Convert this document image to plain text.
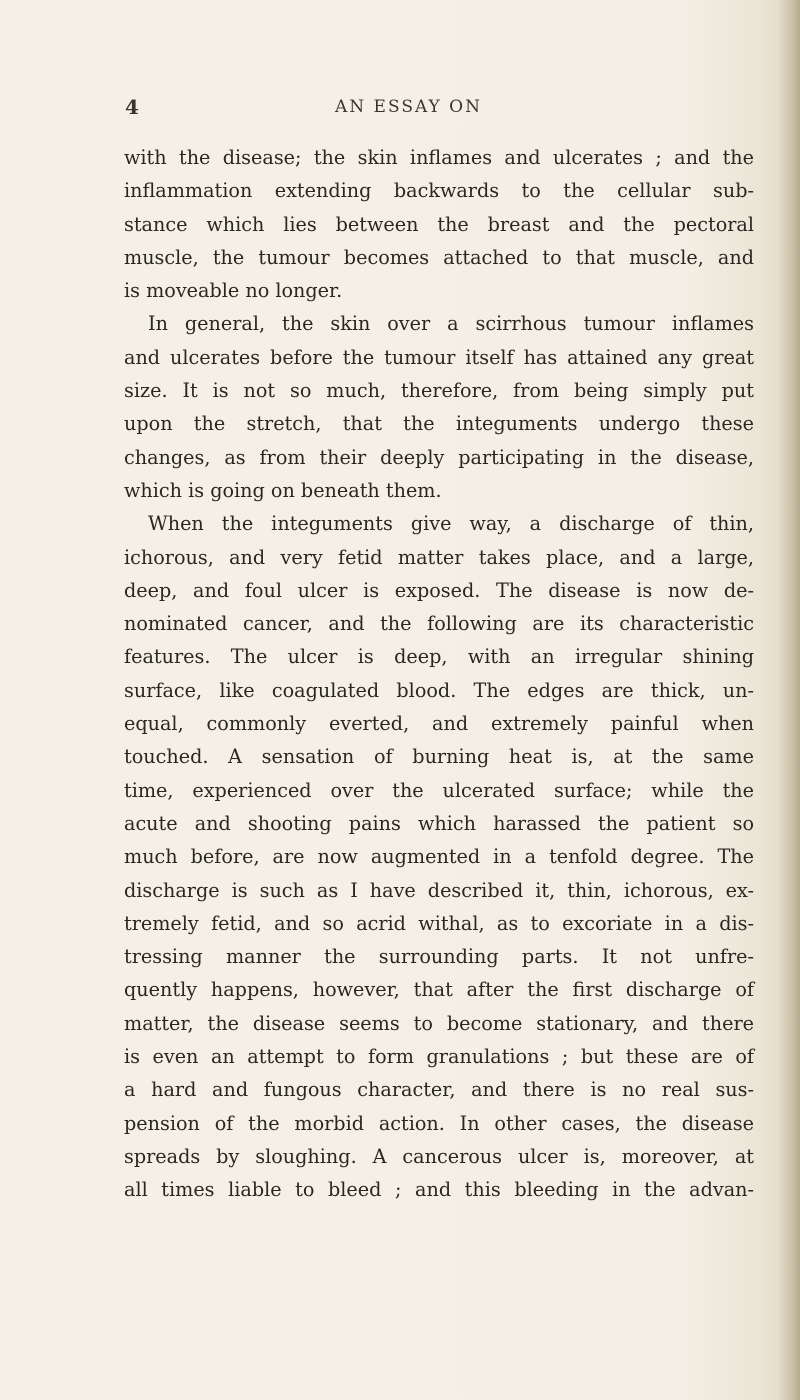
4	AN ESSAY ON
with the disease; the skin inflames and ulcerates ; and the
inflammation extending backwards to the cellular sub-
stance which lies between the breast and the pectoral
muscle, the tumour becomes attached to that muscle, and
is moveable no longer.
In general, the skin over a scirrhous tumour inflames
and ulcerates before the tumour itself has attained any great
size. It is not so much, therefore, from being simply put
upon the stretch, that the integuments undergo these
changes, as from their deeply participating in the disease,
which is going on beneath them.
When the integuments give way, a discharge of thin,
ichorous, and very fetid matter takes place, and a large,
deep, and foul ulcer is exposed. The disease is now de-
nominated cancer, and the following are its characteristic
features. The ulcer is deep, with an irregular shining
surface, like coagulated blood. The edges are thick, un-
equal, commonly everted, and extremely painful when
touched. A sensation of burning heat is, at the same
time, experienced over the ulcerated surface; while the
acute and shooting pains which harassed the patient so
much before, are now augmented in a tenfold degree. The
discharge is such as I have described it, thin, ichorous, ex-
tremely fetid, and so acrid withal, as to excoriate in a dis-
tressing manner the surrounding parts. It not unfre-
quently happens, however, that after the first discharge of
matter, the disease seems to become stationary, and there
is even an attempt to form granulations ; but these are of
a hard and fungous character, and there is no real sus-
pension of the morbid action. In other cases, the disease
spreads by sloughing. A cancerous ulcer is, moreover, at
all times liable to bleed ; and this bleeding in the advan-
